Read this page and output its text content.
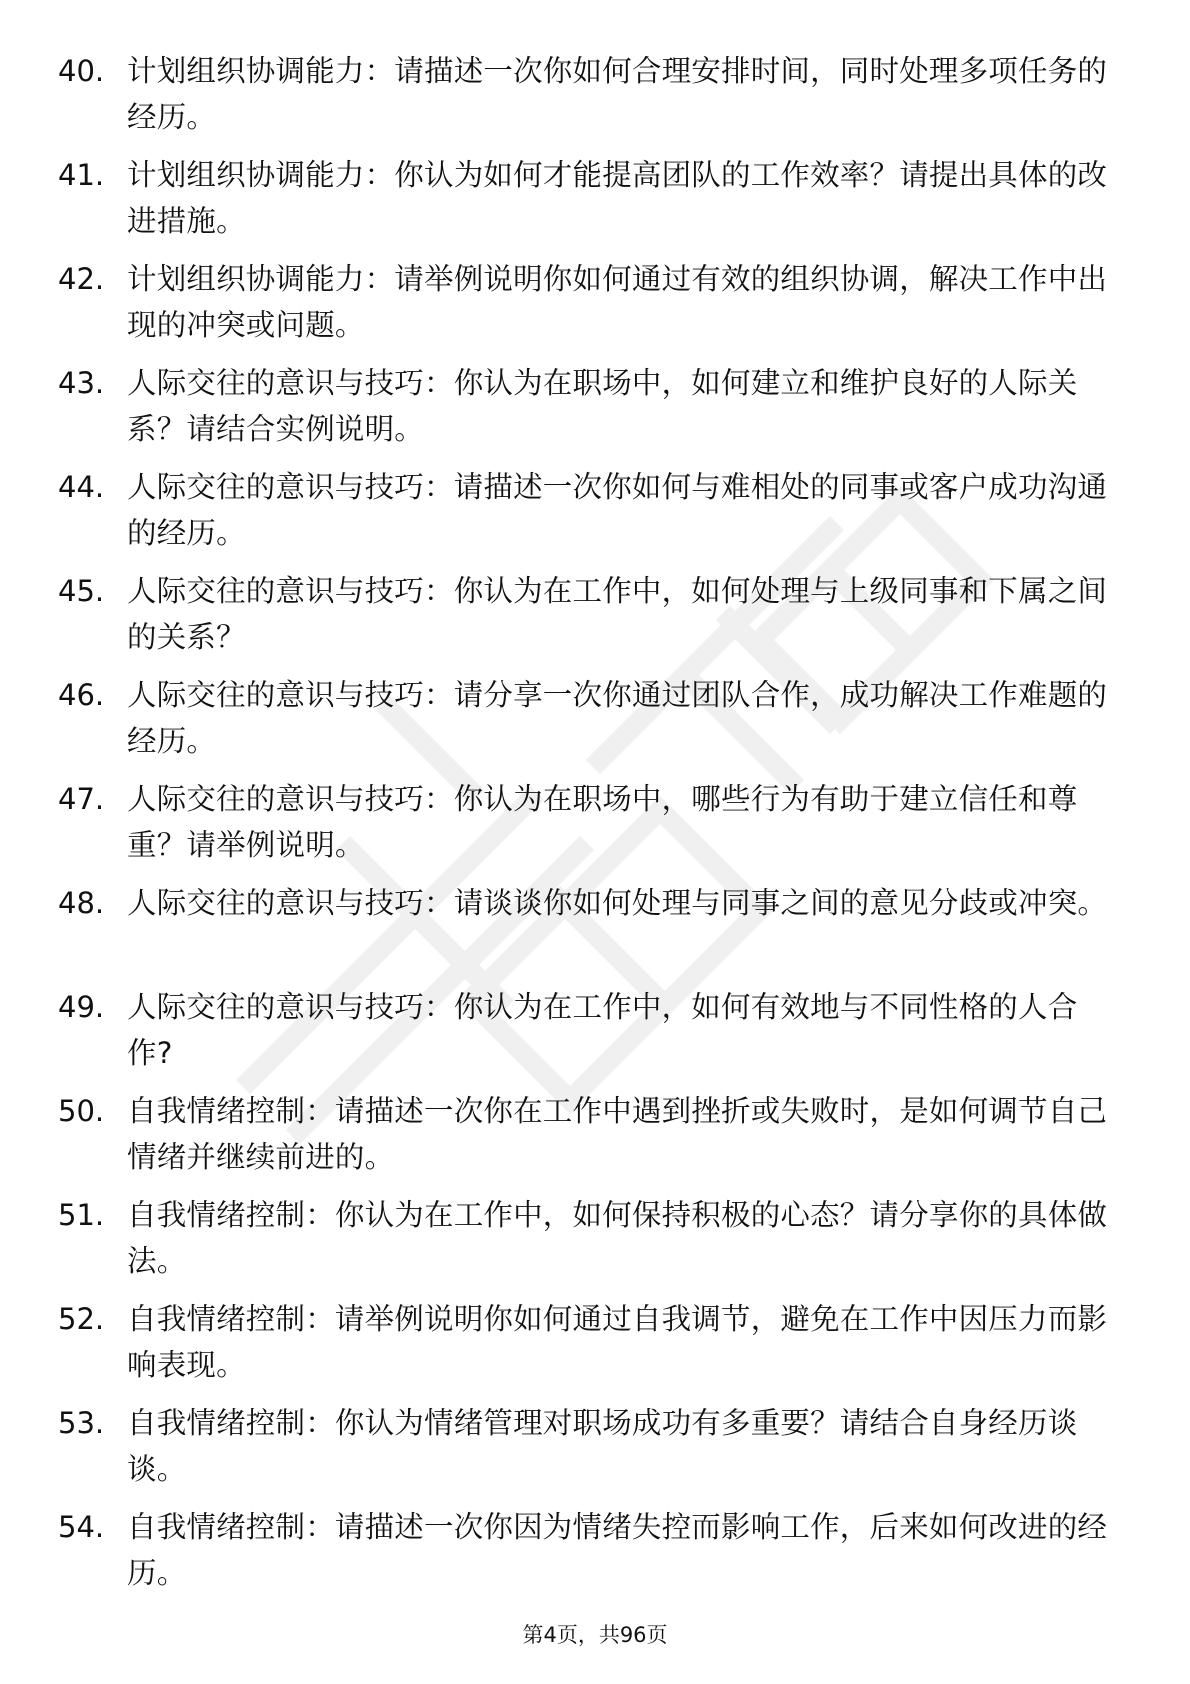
40. 计划组织协调能力：请描述一次你如何合理安排时间，同时处理多项任务的经历。
41. 计划组织协调能力：你认为如何才能提高团队的工作效率？请提出具体的改进措施。
42. 计划组织协调能力：请举例说明你如何通过有效的组织协调，解决工作中出现的冲突或问题。
43. 人际交往的意识与技巧：你认为在职场中，如何建立和维护良好的人际关系？请结合实例说明。
44. 人际交往的意识与技巧：请描述一次你如何与难相处的同事或客户成功沟通的经历。
45. 人际交往的意识与技巧：你认为在工作中，如何处理与上级同事和下属之间的关系？
46. 人际交往的意识与技巧：请分享一次你通过团队合作，成功解决工作难题的经历。
47. 人际交往的意识与技巧：你认为在职场中，哪些行为有助于建立信任和尊重？请举例说明。
48. 人际交往的意识与技巧：请谈谈你如何处理与同事之间的意见分歧或冲突。
49. 人际交往的意识与技巧：你认为在工作中，如何有效地与不同性格的人合作?
50. 自我情绪控制：请描述一次你在工作中遇到挫折或失败时，是如何调节自己情绪并继续前进的。
51. 自我情绪控制：你认为在工作中，如何保持积极的心态？请分享你的具体做法。
52. 自我情绪控制：请举例说明你如何通过自我调节，避免在工作中因压力而影响表现。
53. 自我情绪控制：你认为情绪管理对职场成功有多重要？请结合自身经历谈谈。
54. 自我情绪控制：请描述一次你因为情绪失控而影响工作，后来如何改进的经历。
第4页，共96页
